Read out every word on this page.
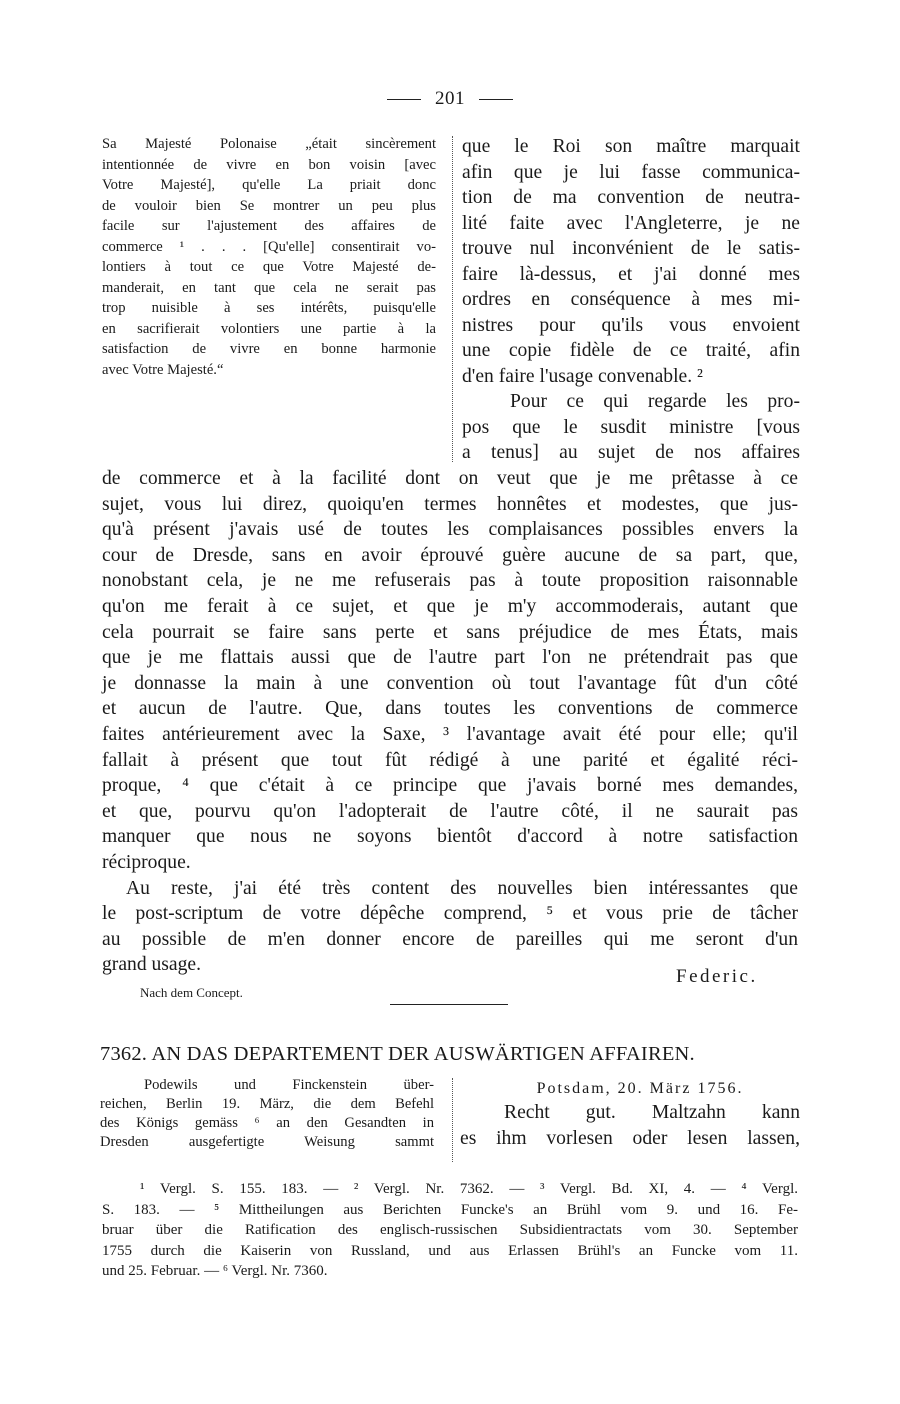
201
Sa Majesté Polonaise „était sincèrement
intentionnée de vivre en bon voisin [avec
Votre Majesté], qu'elle La priait donc
de vouloir bien Se montrer un peu plus
facile sur l'ajustement des affaires de
commerce ¹ . . . [Qu'elle] consentirait vo-
lontiers à tout ce que Votre Majesté de-
manderait, en tant que cela ne serait pas
trop nuisible à ses intérêts, puisqu'elle
en sacrifierait volontiers une partie à la
satisfaction de vivre en bonne harmonie
avec Votre Majesté.“
que le Roi son maître marquait
afin que je lui fasse communica-
tion de ma convention de neutra-
lité faite avec l'Angleterre, je ne
trouve nul inconvénient de le satis-
faire là-dessus, et j'ai donné mes
ordres en conséquence à mes mi-
nistres pour qu'ils vous envoient
une copie fidèle de ce traité, afin
d'en faire l'usage convenable. ²
Pour ce qui regarde les pro-
pos que le susdit ministre [vous
a tenus] au sujet de nos affaires
de commerce et à la facilité dont on veut que je me prêtasse à ce
sujet, vous lui direz, quoiqu'en termes honnêtes et modestes, que jus-
qu'à présent j'avais usé de toutes les complaisances possibles envers la
cour de Dresde, sans en avoir éprouvé guère aucune de sa part, que,
nonobstant cela, je ne me refuserais pas à toute proposition raisonnable
qu'on me ferait à ce sujet, et que je m'y accommoderais, autant que
cela pourrait se faire sans perte et sans préjudice de mes États, mais
que je me flattais aussi que de l'autre part l'on ne prétendrait pas que
je donnasse la main à une convention où tout l'avantage fût d'un côté
et aucun de l'autre. Que, dans toutes les conventions de commerce
faites antérieurement avec la Saxe, ³ l'avantage avait été pour elle; qu'il
fallait à présent que tout fût rédigé à une parité et égalité réci-
proque, ⁴ que c'était à ce principe que j'avais borné mes demandes,
et que, pourvu qu'on l'adopterait de l'autre côté, il ne saurait pas
manquer que nous ne soyons bientôt d'accord à notre satisfaction
réciproque.
Au reste, j'ai été très content des nouvelles bien intéressantes que
le post-scriptum de votre dépêche comprend, ⁵ et vous prie de tâcher
au possible de m'en donner encore de pareilles qui me seront d'un
grand usage.
Federic.
Nach dem Concept.
7362. AN DAS DEPARTEMENT DER AUSWÄRTIGEN AFFAIREN.
Podewils und Finckenstein über-
reichen, Berlin 19. März, die dem Befehl
des Königs gemäss ⁶ an den Gesandten in
Dresden ausgefertigte Weisung sammt
Potsdam, 20. März 1756.
Recht gut. Maltzahn kann
es ihm vorlesen oder lesen lassen,
¹ Vergl. S. 155. 183. — ² Vergl. Nr. 7362. — ³ Vergl. Bd. XI, 4. — ⁴ Vergl.
S. 183. — ⁵ Mittheilungen aus Berichten Funcke's an Brühl vom 9. und 16. Fe-
bruar über die Ratification des englisch-russischen Subsidientractats vom 30. September
1755 durch die Kaiserin von Russland, und aus Erlassen Brühl's an Funcke vom 11.
und 25. Februar. — ⁶ Vergl. Nr. 7360.
